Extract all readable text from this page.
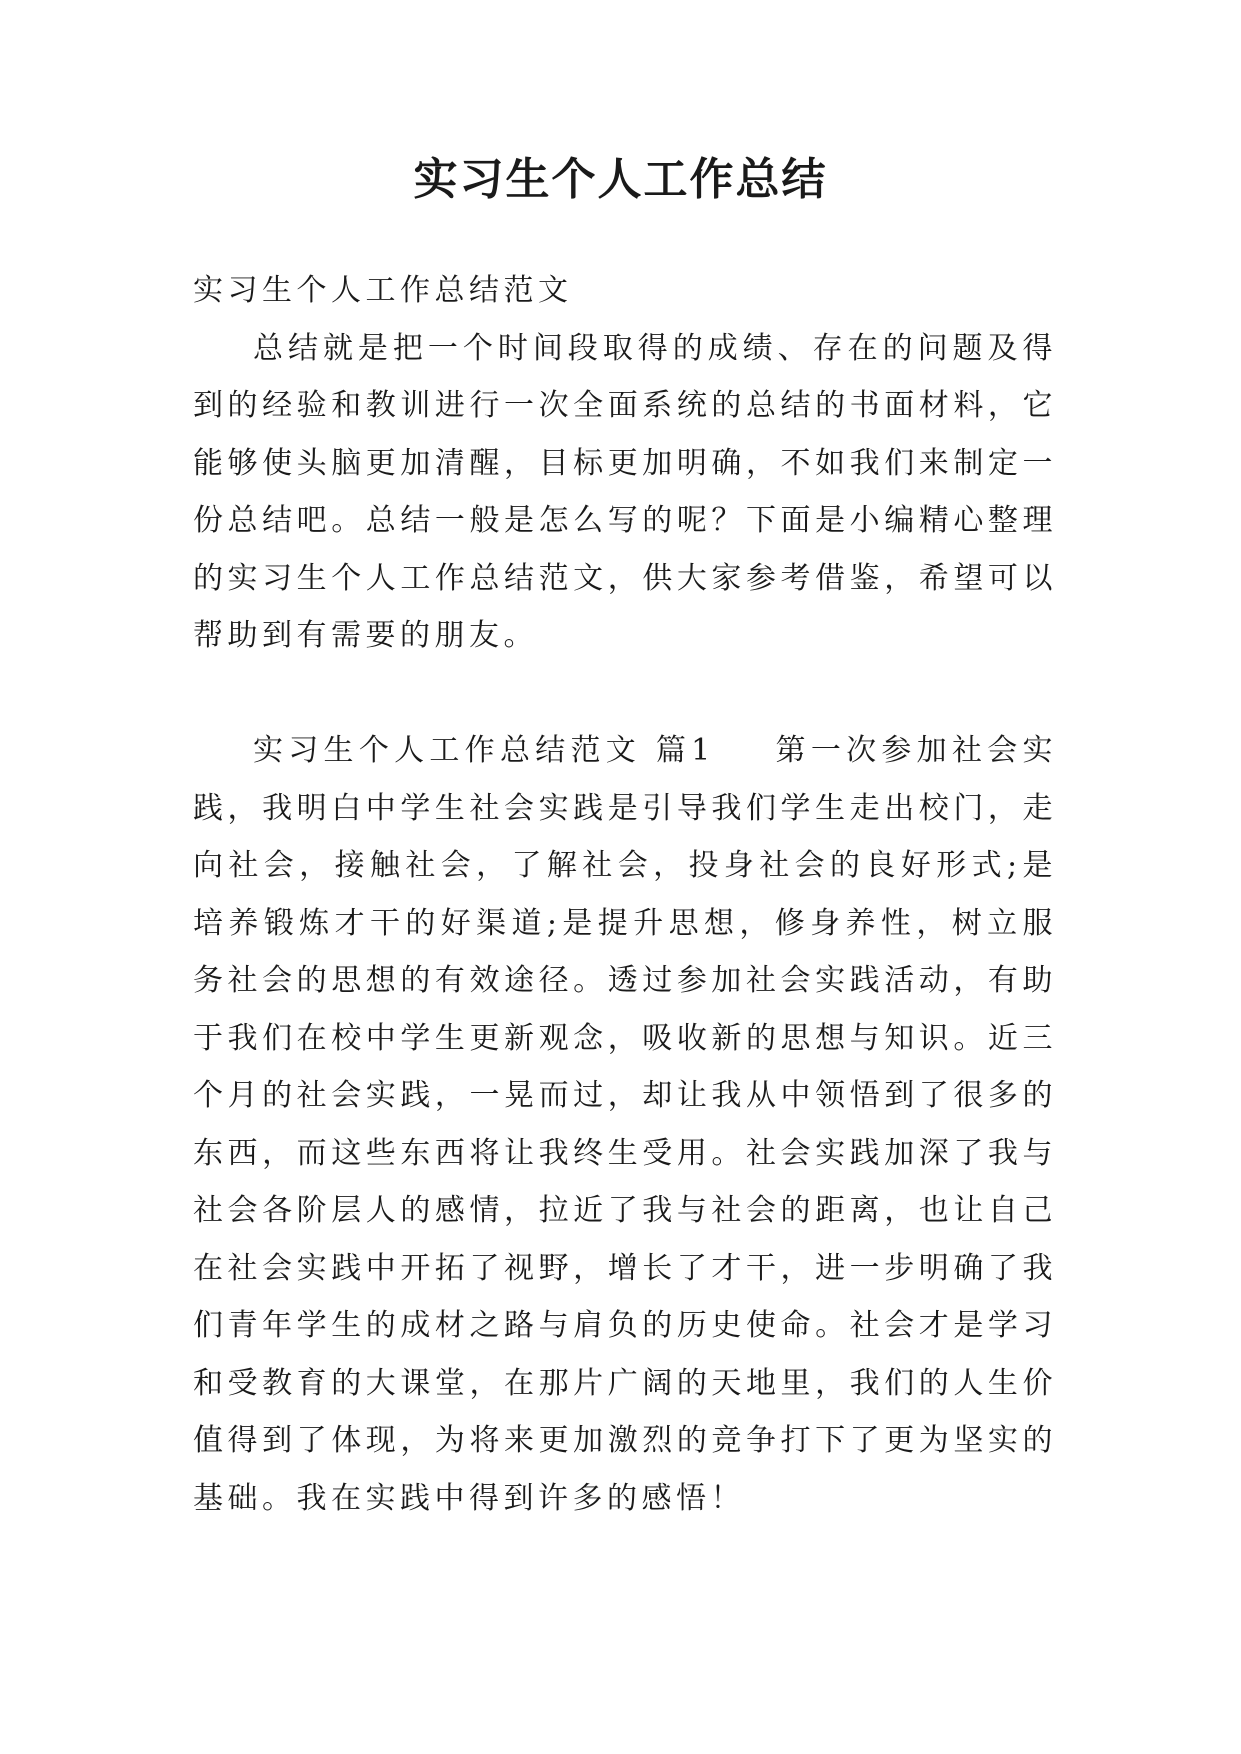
实习生个人工作总结

实习生个人工作总结范文

总结就是把一个时间段取得的成绩、存在的问题及得到的经验和教训进行一次全面系统的总结的书面材料，它能够使头脑更加清醒，目标更加明确，不如我们来制定一份总结吧。总结一般是怎么写的呢？下面是小编精心整理的实习生个人工作总结范文，供大家参考借鉴，希望可以帮助到有需要的朋友。

实习生个人工作总结范文 篇1 第一次参加社会实践，我明白中学生社会实践是引导我们学生走出校门，走向社会，接触社会，了解社会，投身社会的良好形式;是培养锻炼才干的好渠道;是提升思想，修身养性，树立服务社会的思想的有效途径。透过参加社会实践活动，有助于我们在校中学生更新观念，吸收新的思想与知识。近三个月的社会实践，一晃而过，却让我从中领悟到了很多的东西，而这些东西将让我终生受用。社会实践加深了我与社会各阶层人的感情，拉近了我与社会的距离，也让自己在社会实践中开拓了视野，增长了才干，进一步明确了我们青年学生的成材之路与肩负的历史使命。社会才是学习和受教育的大课堂，在那片广阔的天地里，我们的人生价值得到了体现，为将来更加激烈的竞争打下了更为坚实的基础。我在实践中得到许多的感悟！
